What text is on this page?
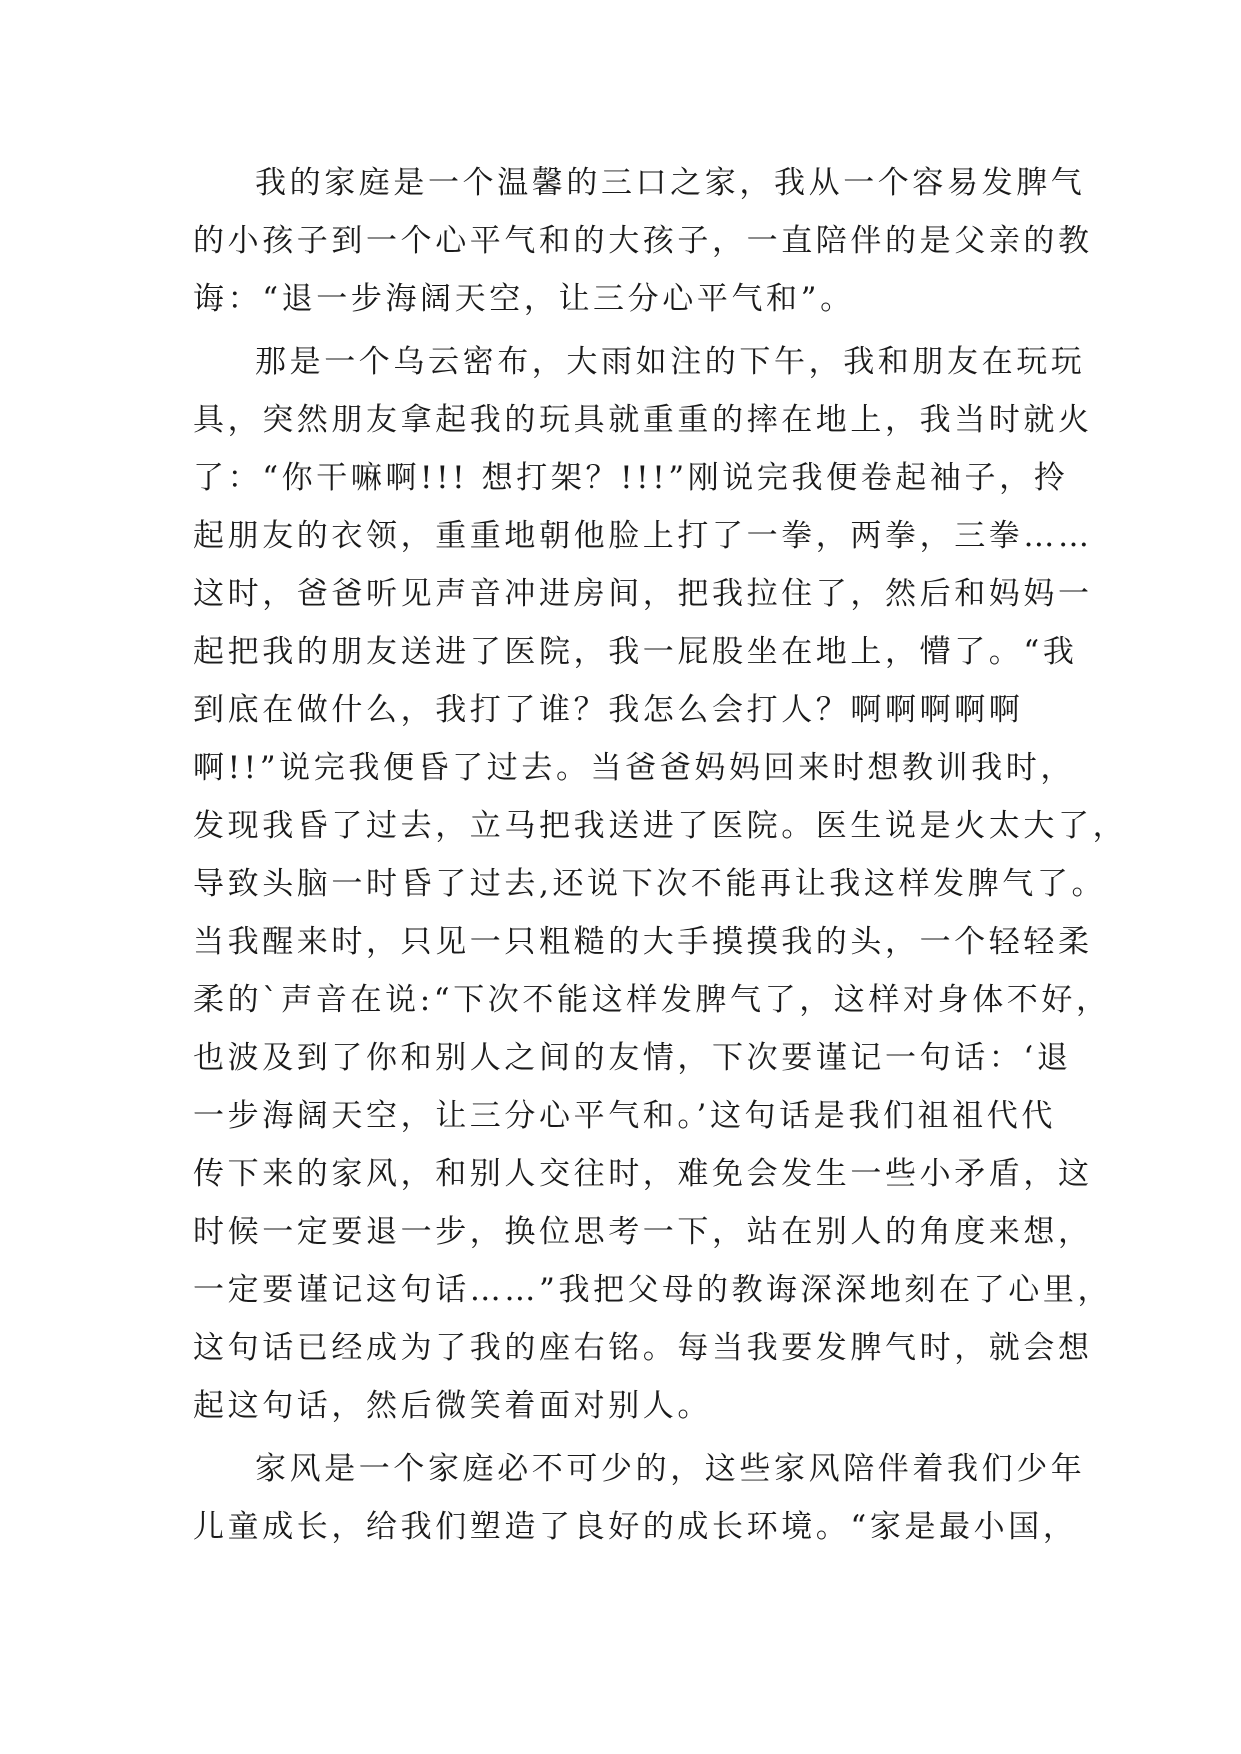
我的家庭是一个温馨的三口之家，我从一个容易发脾气
的小孩子到一个心平气和的大孩子，一直陪伴的是父亲的教
诲：“退一步海阔天空，让三分心平气和”。
那是一个乌云密布，大雨如注的下午，我和朋友在玩玩
具，突然朋友拿起我的玩具就重重的摔在地上，我当时就火
了：“你干嘛啊!!! 想打架？!!!”刚说完我便卷起袖子，拎
起朋友的衣领，重重地朝他脸上打了一拳，两拳，三拳……
这时，爸爸听见声音冲进房间，把我拉住了，然后和妈妈一
起把我的朋友送进了医院，我一屁股坐在地上，懵了。“我
到底在做什么，我打了谁？我怎么会打人？啊啊啊啊啊
啊!!”说完我便昏了过去。当爸爸妈妈回来时想教训我时，
发现我昏了过去，立马把我送进了医院。医生说是火太大了，
导致头脑一时昏了过去,还说下次不能再让我这样发脾气了。
当我醒来时，只见一只粗糙的大手摸摸我的头，一个轻轻柔
柔的`声音在说:“下次不能这样发脾气了，这样对身体不好，
也波及到了你和别人之间的友情，下次要谨记一句话：‘退
一步海阔天空，让三分心平气和。’这句话是我们祖祖代代
传下来的家风，和别人交往时，难免会发生一些小矛盾，这
时候一定要退一步，换位思考一下，站在别人的角度来想，
一定要谨记这句话……”我把父母的教诲深深地刻在了心里，
这句话已经成为了我的座右铭。每当我要发脾气时，就会想
起这句话，然后微笑着面对别人。
家风是一个家庭必不可少的，这些家风陪伴着我们少年
儿童成长，给我们塑造了良好的成长环境。“家是最小国，
